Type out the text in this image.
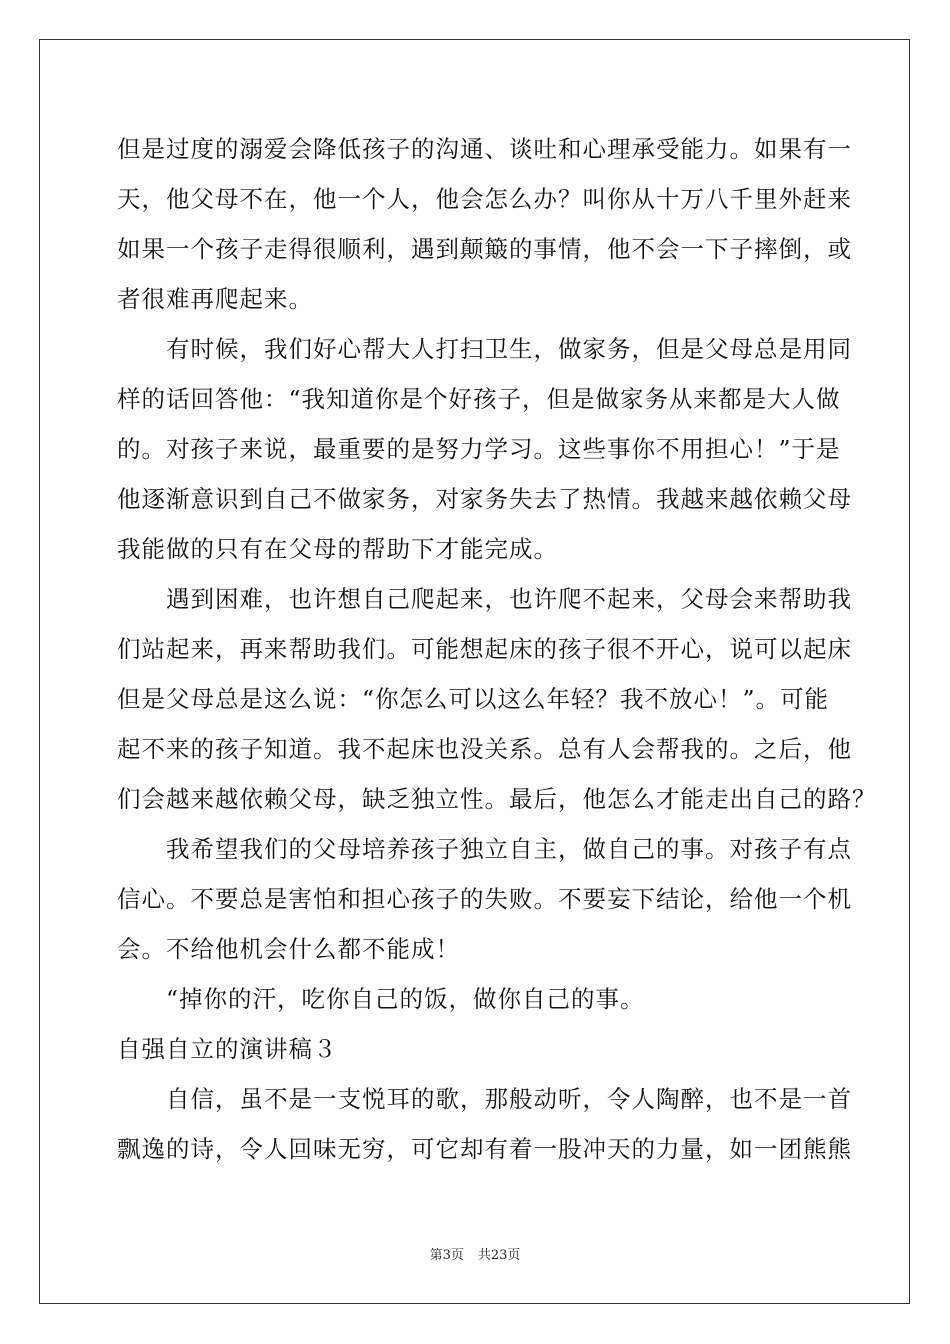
但是过度的溺爱会降低孩子的沟通、谈吐和心理承受能力。如果有一
天，他父母不在，他一个人，他会怎么办？叫你从十万八千里外赶来
如果一个孩子走得很顺利，遇到颠簸的事情，他不会一下子摔倒，或
者很难再爬起来。
　　有时候，我们好心帮大人打扫卫生，做家务，但是父母总是用同
样的话回答他：“我知道你是个好孩子，但是做家务从来都是大人做
的。对孩子来说，最重要的是努力学习。这些事你不用担心！”于是
他逐渐意识到自己不做家务，对家务失去了热情。我越来越依赖父母
我能做的只有在父母的帮助下才能完成。
　　遇到困难，也许想自己爬起来，也许爬不起来，父母会来帮助我
们站起来，再来帮助我们。可能想起床的孩子很不开心，说可以起床
但是父母总是这么说：“你怎么可以这么年轻？我不放心！”。可能
起不来的孩子知道。我不起床也没关系。总有人会帮我的。之后，他
们会越来越依赖父母，缺乏独立性。最后，他怎么才能走出自己的路？
　　我希望我们的父母培养孩子独立自主，做自己的事。对孩子有点
信心。不要总是害怕和担心孩子的失败。不要妄下结论，给他一个机
会。不给他机会什么都不能成！
　　“掉你的汗，吃你自己的饭，做你自己的事。
自强自立的演讲稿３
　　自信，虽不是一支悦耳的歌，那般动听，令人陶醉，也不是一首
飘逸的诗，令人回味无穷，可它却有着一股冲天的力量，如一团熊熊
第3页 共23页
